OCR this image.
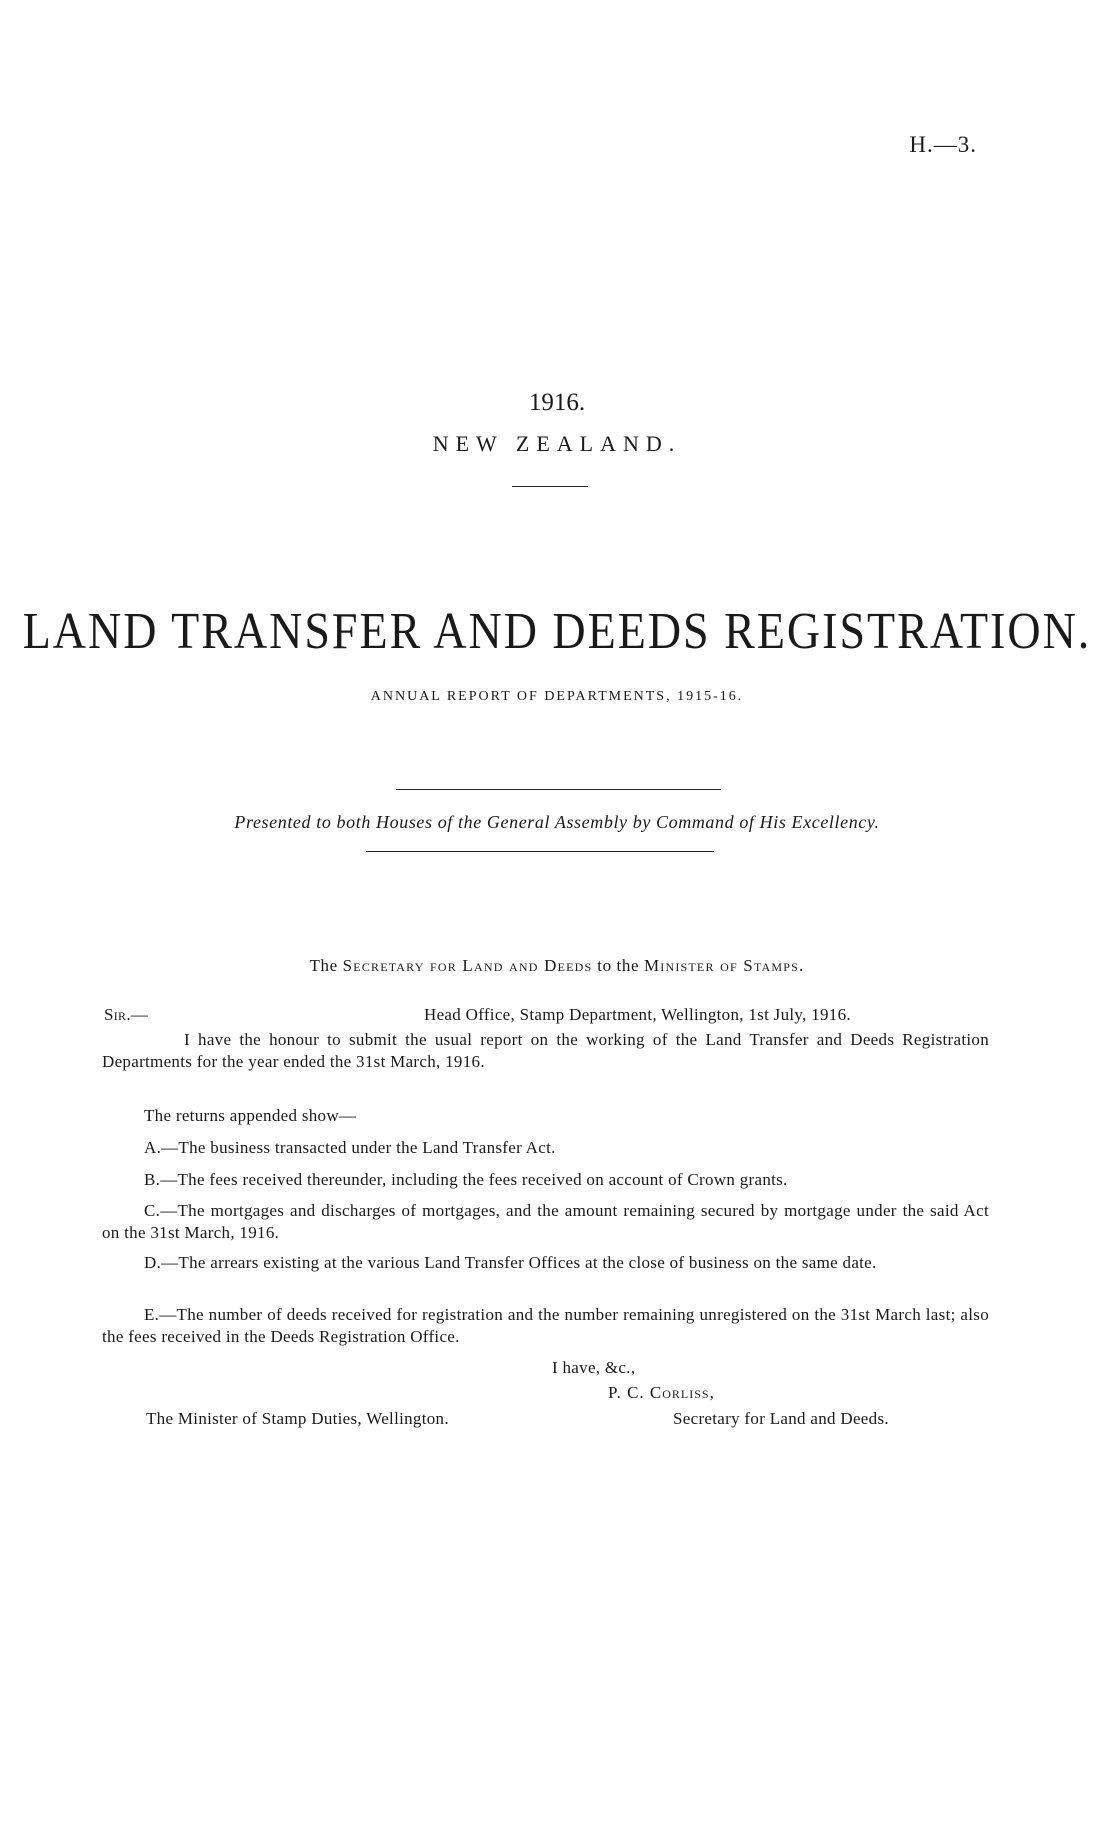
H.—3.
1916.
NEW ZEALAND.
LAND TRANSFER AND DEEDS REGISTRATION.
ANNUAL REPORT OF DEPARTMENTS, 1915-16.
Presented to both Houses of the General Assembly by Command of His Excellency.
The Secretary for Land and Deeds to the Minister of Stamps.
Sir.—	Head Office, Stamp Department, Wellington, 1st July, 1916.
I have the honour to submit the usual report on the working of the Land Transfer and Deeds Registration Departments for the year ended the 31st March, 1916.
The returns appended show—
A.—The business transacted under the Land Transfer Act.
B.—The fees received thereunder, including the fees received on account of Crown grants.
C.—The mortgages and discharges of mortgages, and the amount remaining secured by mortgage under the said Act on the 31st March, 1916.
D.—The arrears existing at the various Land Transfer Offices at the close of business on the same date.
E.—The number of deeds received for registration and the number remaining unregistered on the 31st March last; also the fees received in the Deeds Registration Office.
I have, &c.,
P. C. Corliss,
The Minister of Stamp Duties, Wellington.	Secretary for Land and Deeds.
